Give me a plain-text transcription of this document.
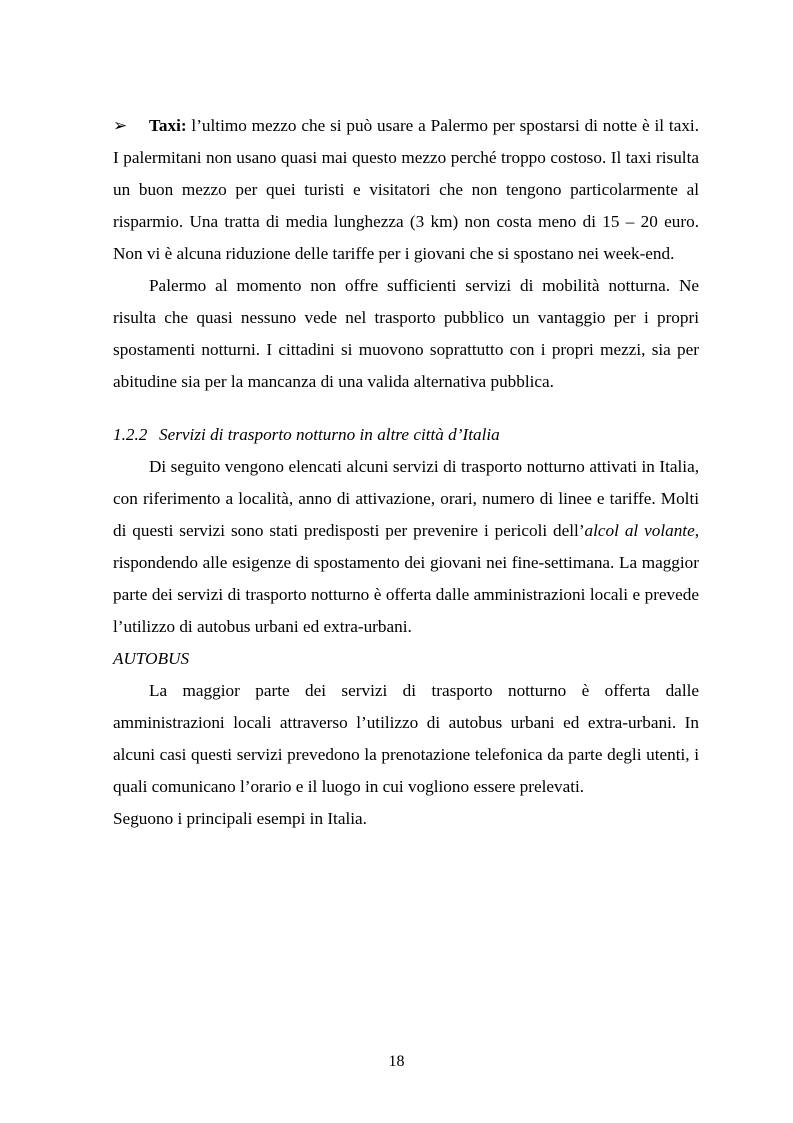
➢ Taxi: l’ultimo mezzo che si può usare a Palermo per spostarsi di notte è il taxi. I palermitani non usano quasi mai questo mezzo perché troppo costoso. Il taxi risulta un buon mezzo per quei turisti e visitatori che non tengono particolarmente al risparmio. Una tratta di media lunghezza (3 km) non costa meno di 15 – 20 euro. Non vi è alcuna riduzione delle tariffe per i giovani che si spostano nei week-end.

Palermo al momento non offre sufficienti servizi di mobilità notturna. Ne risulta che quasi nessuno vede nel trasporto pubblico un vantaggio per i propri spostamenti notturni. I cittadini si muovono soprattutto con i propri mezzi, sia per abitudine sia per la mancanza di una valida alternativa pubblica.

1.2.2 Servizi di trasporto notturno in altre città d’Italia

Di seguito vengono elencati alcuni servizi di trasporto notturno attivati in Italia, con riferimento a località, anno di attivazione, orari, numero di linee e tariffe. Molti di questi servizi sono stati predisposti per prevenire i pericoli dell’alcol al volante, rispondendo alle esigenze di spostamento dei giovani nei fine-settimana. La maggior parte dei servizi di trasporto notturno è offerta dalle amministrazioni locali e prevede l’utilizzo di autobus urbani ed extra-urbani.

AUTOBUS

La maggior parte dei servizi di trasporto notturno è offerta dalle amministrazioni locali attraverso l’utilizzo di autobus urbani ed extra-urbani. In alcuni casi questi servizi prevedono la prenotazione telefonica da parte degli utenti, i quali comunicano l’orario e il luogo in cui vogliono essere prelevati.

Seguono i principali esempi in Italia.

18
